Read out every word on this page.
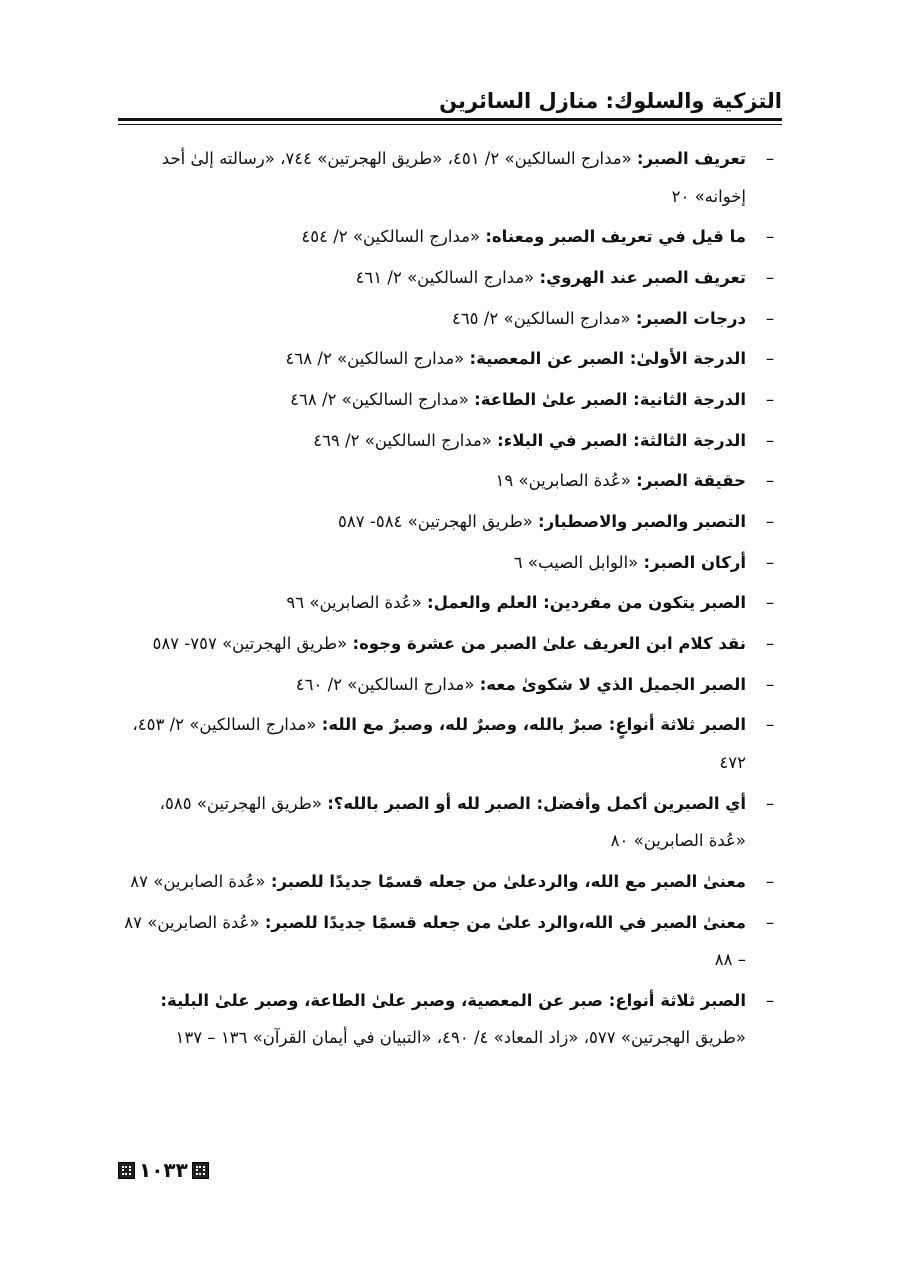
التزكية والسلوك: منازل السائرين
–
تعريف الصبر: «مدارج السالكين» ٢/ ٤٥١، «طريق الهجرتين» ٧٤٤، «رسالته إلىٰ أحد إخوانه» ٢٠
–
ما قيل في تعريف الصبر ومعناه: «مدارج السالكين» ٢/ ٤٥٤
–
تعريف الصبر عند الهروي: «مدارج السالكين» ٢/ ٤٦١
–
درجات الصبر: «مدارج السالكين» ٢/ ٤٦٥
–
الدرجة الأولىٰ: الصبر عن المعصية: «مدارج السالكين» ٢/ ٤٦٨
–
الدرجة الثانية: الصبر علىٰ الطاعة: «مدارج السالكين» ٢/ ٤٦٨
–
الدرجة الثالثة: الصبر في البلاء: «مدارج السالكين» ٢/ ٤٦٩
–
حقيقة الصبر: «عُدة الصابرين» ١٩
–
التصبر والصبر والاصطبار: «طريق الهجرتين» ٥٨٤- ٥٨٧
–
أركان الصبر: «الوابل الصيب» ٦
–
الصبر يتكون من مفردين: العلم والعمل: «عُدة الصابرين» ٩٦
–
نقد كلام ابن العريف علىٰ الصبر من عشرة وجوه: «طريق الهجرتين» ٧٥٧- ٥٨٧
–
الصبر الجميل الذي لا شكوىٰ معه: «مدارج السالكين» ٢/ ٤٦٠
–
الصبر ثلاثة أنواعٍ: صبرٌ بالله، وصبرٌ لله، وصبرٌ مع الله: «مدارج السالكين» ٢/ ٤٥٣، ٤٧٢
–
أي الصبرين أكمل وأفضل: الصبر لله أو الصبر بالله؟: «طريق الهجرتين» ٥٨٥، «عُدة الصابرين» ٨٠
–
معنىٰ الصبر مع الله، والردعلىٰ من جعله قسمًا جديدًا للصبر: «عُدة الصابرين» ٨٧
–
معنىٰ الصبر في الله،والرد علىٰ من جعله قسمًا جديدًا للصبر: «عُدة الصابرين» ٨٧ – ٨٨
–
الصبر ثلاثة أنواع: صبر عن المعصية، وصبر علىٰ الطاعة، وصبر علىٰ البلية: «طريق الهجرتين» ٥٧٧، «زاد المعاد» ٤/ ٤٩٠، «التبيان في أيمان القرآن» ١٣٦ – ١٣٧
١٠٣٣
